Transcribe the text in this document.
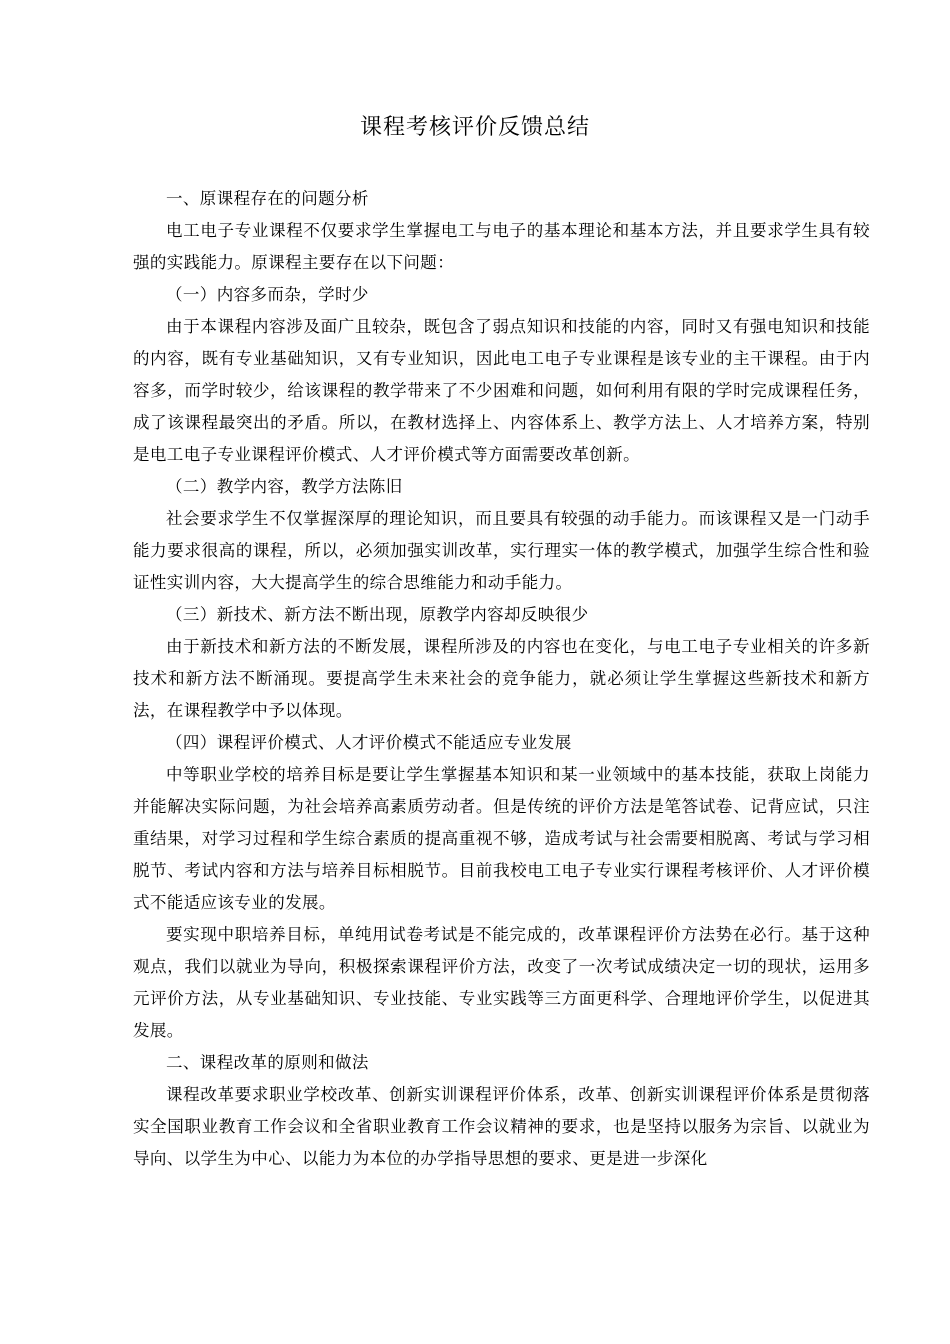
课程考核评价反馈总结

一、原课程存在的问题分析

电工电子专业课程不仅要求学生掌握电工与电子的基本理论和基本方法，并且要求学生具有较强的实践能力。原课程主要存在以下问题：

（一）内容多而杂，学时少

由于本课程内容涉及面广且较杂，既包含了弱点知识和技能的内容，同时又有强电知识和技能的内容，既有专业基础知识，又有专业知识，因此电工电子专业课程是该专业的主干课程。由于内容多，而学时较少，给该课程的教学带来了不少困难和问题，如何利用有限的学时完成课程任务，成了该课程最突出的矛盾。所以，在教材选择上、内容体系上、教学方法上、人才培养方案，特别是电工电子专业课程评价模式、人才评价模式等方面需要改革创新。

（二）教学内容，教学方法陈旧

社会要求学生不仅掌握深厚的理论知识，而且要具有较强的动手能力。而该课程又是一门动手能力要求很高的课程，所以，必须加强实训改革，实行理实一体的教学模式，加强学生综合性和验证性实训内容，大大提高学生的综合思维能力和动手能力。

（三）新技术、新方法不断出现，原教学内容却反映很少

由于新技术和新方法的不断发展，课程所涉及的内容也在变化，与电工电子专业相关的许多新技术和新方法不断涌现。要提高学生未来社会的竞争能力，就必须让学生掌握这些新技术和新方法，在课程教学中予以体现。

（四）课程评价模式、人才评价模式不能适应专业发展

中等职业学校的培养目标是要让学生掌握基本知识和某一业领域中的基本技能，获取上岗能力并能解决实际问题，为社会培养高素质劳动者。但是传统的评价方法是笔答试卷、记背应试，只注重结果，对学习过程和学生综合素质的提高重视不够，造成考试与社会需要相脱离、考试与学习相脱节、考试内容和方法与培养目标相脱节。目前我校电工电子专业实行课程考核评价、人才评价模式不能适应该专业的发展。

要实现中职培养目标，单纯用试卷考试是不能完成的，改革课程评价方法势在必行。基于这种观点，我们以就业为导向，积极探索课程评价方法，改变了一次考试成绩决定一切的现状，运用多元评价方法，从专业基础知识、专业技能、专业实践等三方面更科学、合理地评价学生，以促进其发展。

二、课程改革的原则和做法

课程改革要求职业学校改革、创新实训课程评价体系，改革、创新实训课程评价体系是贯彻落实全国职业教育工作会议和全省职业教育工作会议精神的要求，也是坚持以服务为宗旨、以就业为导向、以学生为中心、以能力为本位的办学指导思想的要求、更是进一步深化
